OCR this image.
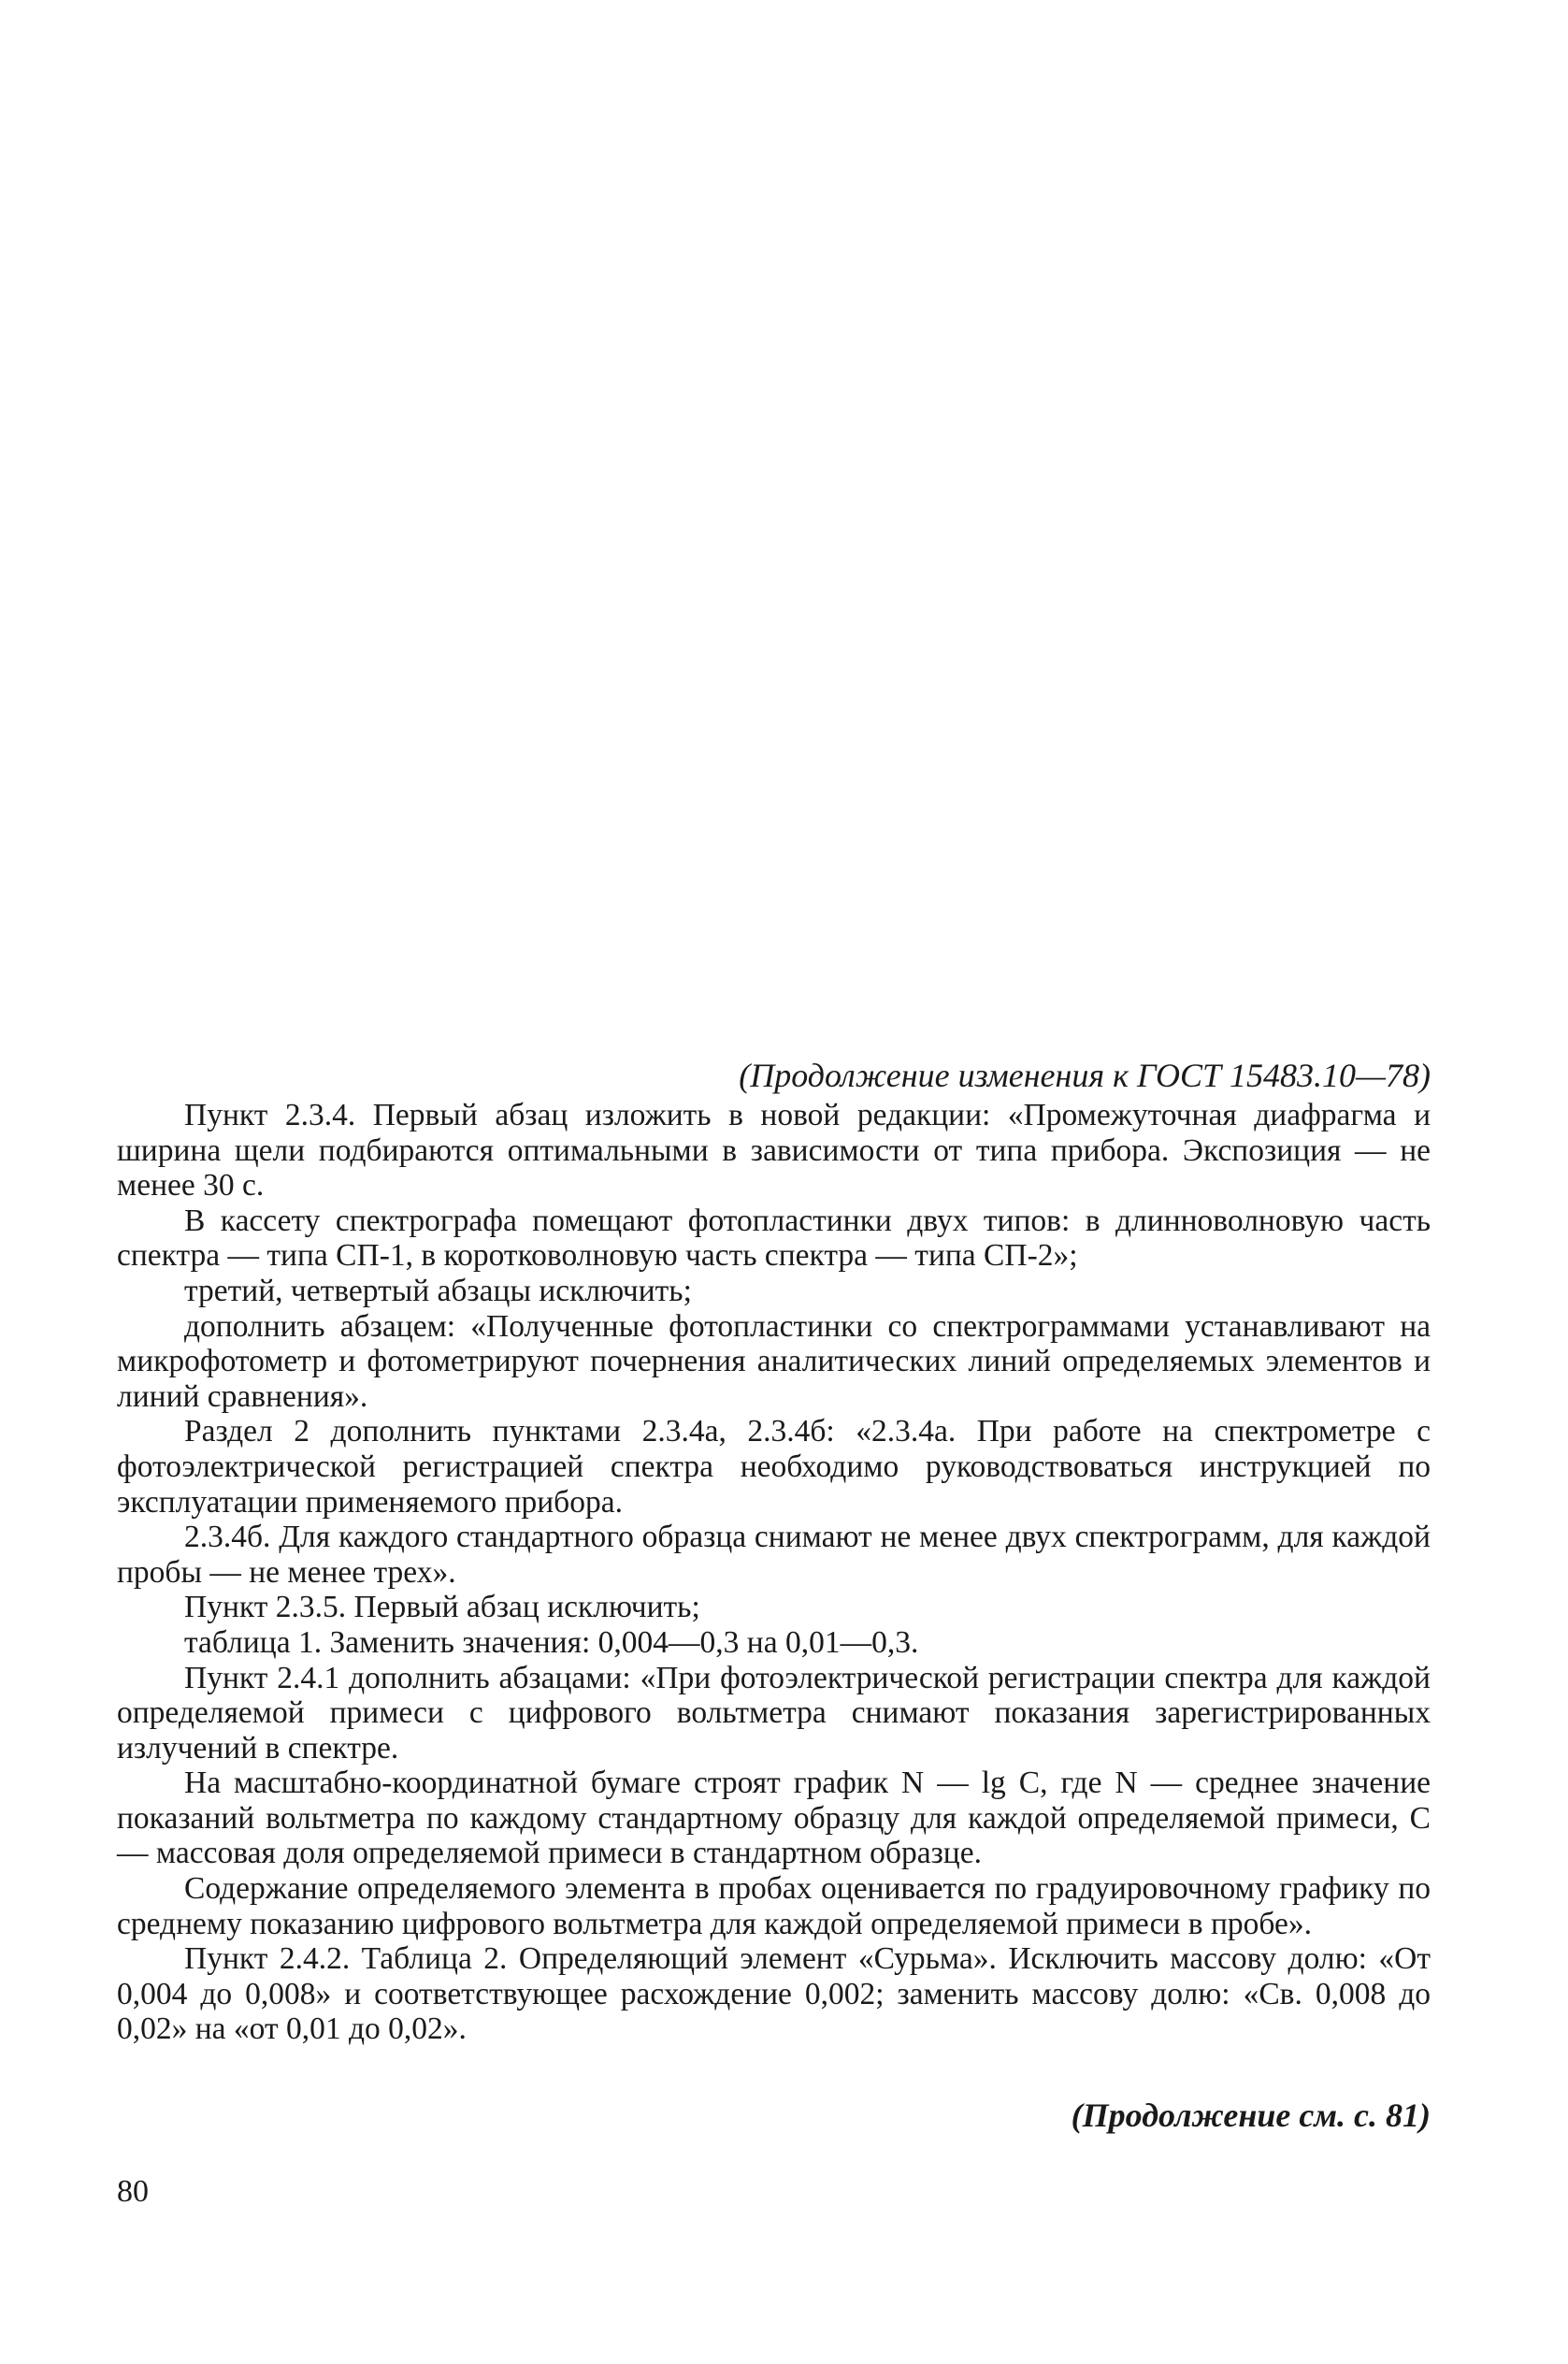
(Продолжение изменения к ГОСТ 15483.10—78)

Пункт 2.3.4. Первый абзац изложить в новой редакции: «Промежуточная диафрагма и ширина щели подбираются оптимальными в зависимости от типа прибора. Экспозиция — не менее 30 с.

В кассету спектрографа помещают фотопластинки двух типов: в длинноволновую часть спектра — типа СП-1, в коротковолновую часть спектра — типа СП-2»;

третий, четвертый абзацы исключить;

дополнить абзацем: «Полученные фотопластинки со спектрограммами устанавливают на микрофотометр и фотометрируют почернения аналитических линий определяемых элементов и линий сравнения».

Раздел 2 дополнить пунктами 2.3.4а, 2.3.4б: «2.3.4а. При работе на спектрометре с фотоэлектрической регистрацией спектра необходимо руководствоваться инструкцией по эксплуатации применяемого прибора.

2.3.4б. Для каждого стандартного образца снимают не менее двух спектрограмм, для каждой пробы — не менее трех».

Пункт 2.3.5. Первый абзац исключить;

таблица 1. Заменить значения: 0,004—0,3 на 0,01—0,3.

Пункт 2.4.1 дополнить абзацами: «При фотоэлектрической регистрации спектра для каждой определяемой примеси с цифрового вольтметра снимают показания зарегистрированных излучений в спектре.

На масштабно-координатной бумаге строят график N — lg C, где N — среднее значение показаний вольтметра по каждому стандартному образцу для каждой определяемой примеси, C — массовая доля определяемой примеси в стандартном образце.

Содержание определяемого элемента в пробах оценивается по градуировочному графику по среднему показанию цифрового вольтметра для каждой определяемой примеси в пробе».

Пункт 2.4.2. Таблица 2. Определяющий элемент «Сурьма». Исключить массову долю: «От 0,004 до 0,008» и соответствующее расхождение 0,002; заменить массову долю: «Св. 0,008 до 0,02» на «от 0,01 до 0,02».

(Продолжение см. с. 81)
80
